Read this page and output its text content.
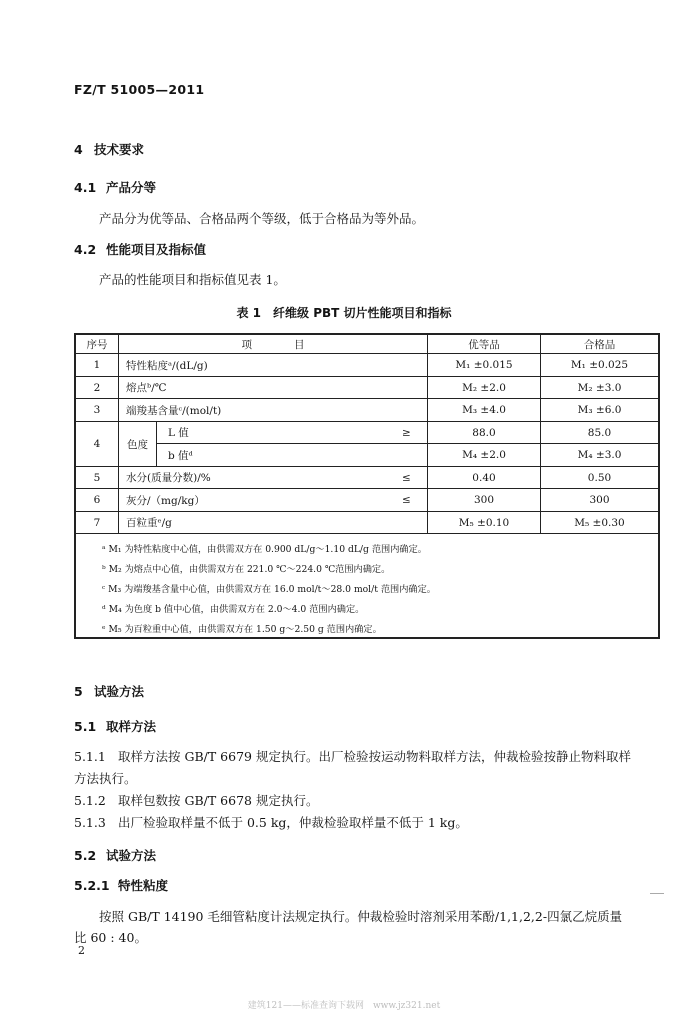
FZ/T 51005—2011
4 技术要求
4.1 产品分等
产品分为优等品、合格品两个等级，低于合格品为等外品。
4.2 性能项目及指标值
产品的性能项目和指标值见表 1。
表 1　纤维级 PBT 切片性能项目和指标
序号	项　　　　目	优等品	合格品
1	特性粘度ᵃ/(dL/g)	M₁ ±0.015	M₁ ±0.025
2	熔点ᵇ/℃	M₂ ±2.0	M₂ ±3.0
3	端羧基含量ᶜ/(mol/t)	M₃ ±4.0	M₃ ±6.0
4	色度
L 值	≥	88.0	85.0
b 值ᵈ	M₄ ±2.0	M₄ ±3.0
5	水分(质量分数)/%	≤	0.40	0.50
6	灰分/（mg/kg）	≤	300	300
7	百粒重ᵉ/g	M₅ ±0.10	M₅ ±0.30
ᵃ M₁ 为特性粘度中心值，由供需双方在 0.900 dL/g～1.10 dL/g 范围内确定。
ᵇ M₂ 为熔点中心值，由供需双方在 221.0 ℃～224.0 ℃范围内确定。
ᶜ M₃ 为端羧基含量中心值，由供需双方在 16.0 mol/t～28.0 mol/t 范围内确定。
ᵈ M₄ 为色度 b 值中心值，由供需双方在 2.0～4.0 范围内确定。
ᵉ M₅ 为百粒重中心值，由供需双方在 1.50 g～2.50 g 范围内确定。
5 试验方法
5.1 取样方法
5.1.1 取样方法按 GB/T 6679 规定执行。出厂检验按运动物料取样方法，仲裁检验按静止物料取样
方法执行。
5.1.2 取样包数按 GB/T 6678 规定执行。
5.1.3 出厂检验取样量不低于 0.5 kg，仲裁检验取样量不低于 1 kg。
5.2 试验方法
5.2.1 特性粘度
按照 GB/T 14190 毛细管粘度计法规定执行。仲裁检验时溶剂采用苯酚/1,1,2,2-四氯乙烷质量
比 60 : 40。
2
建筑121——标准查询下载网　www.jz321.net
